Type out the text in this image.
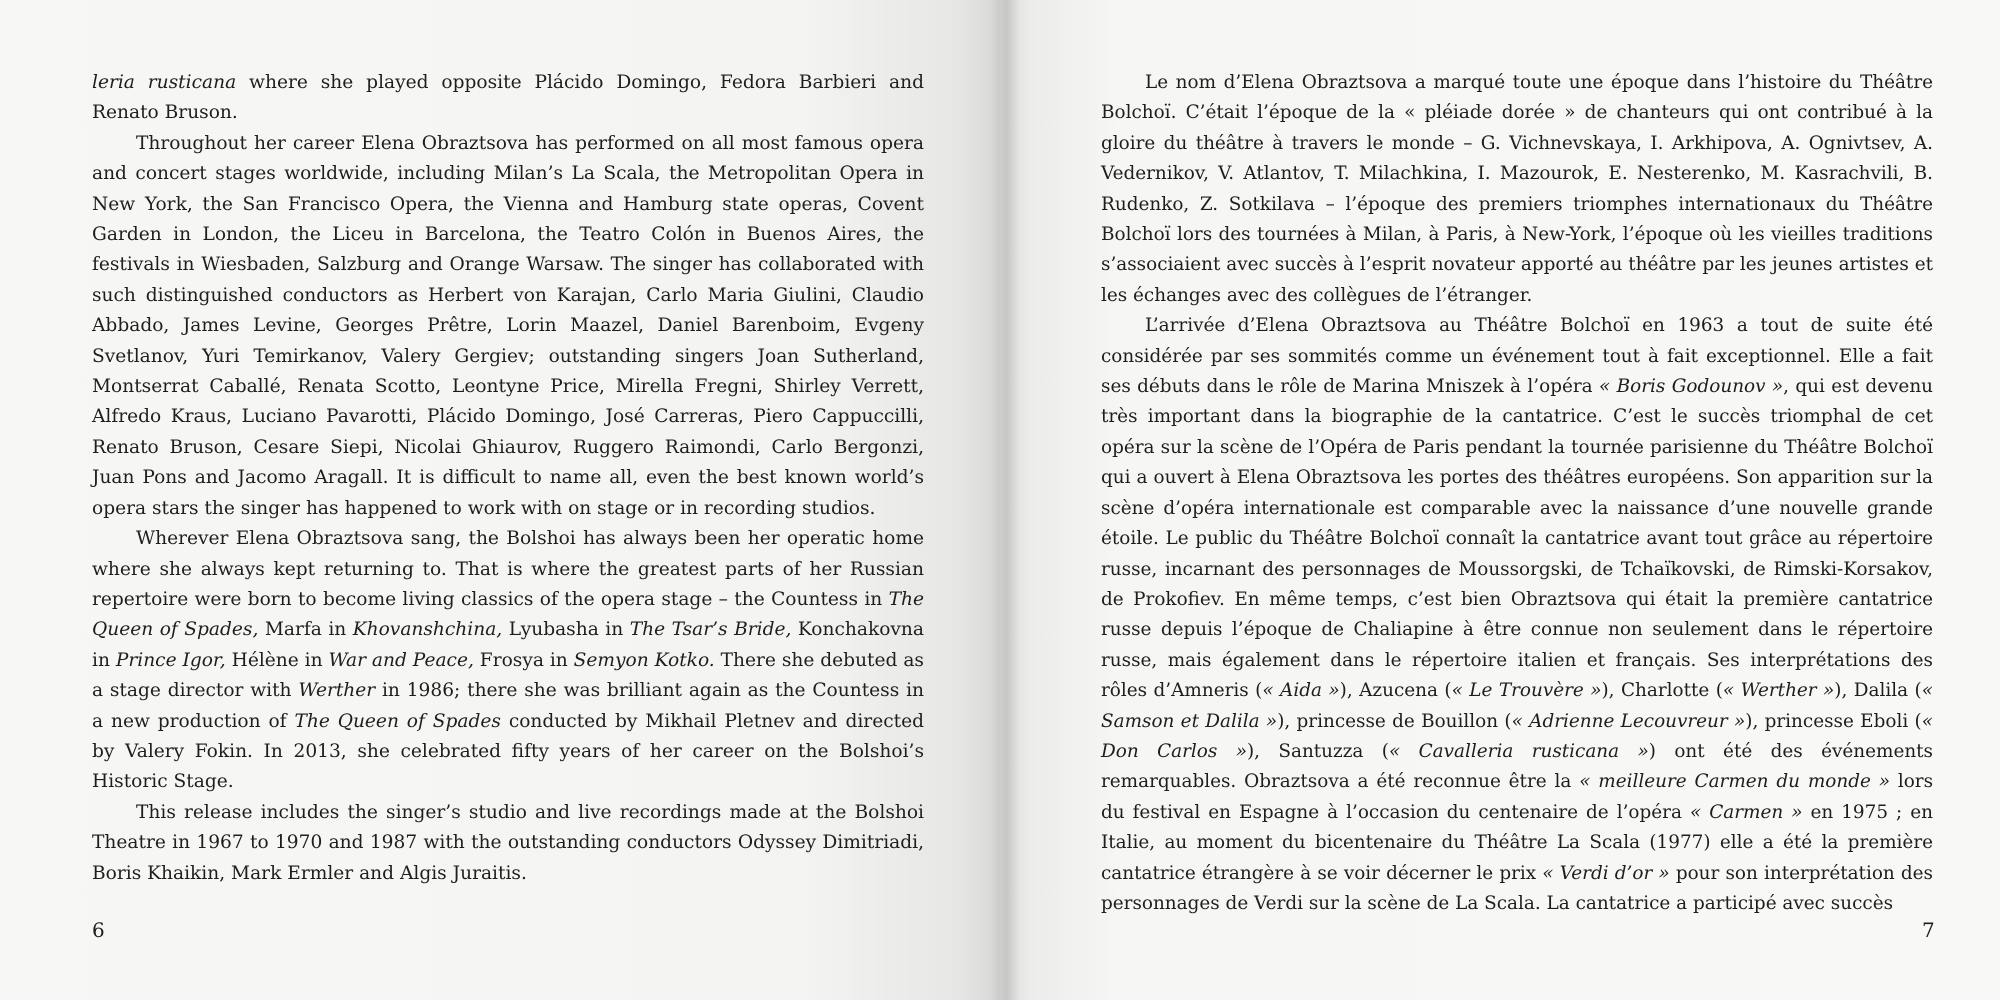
leria rusticana where she played opposite Plácido Domingo, Fedora Barbieri and Renato Bruson.

Throughout her career Elena Obraztsova has performed on all most famous opera and concert stages worldwide, including Milan’s La Scala, the Metropolitan Opera in New York, the San Francisco Opera, the Vienna and Hamburg state operas, Covent Garden in London, the Liceu in Barcelona, the Teatro Colón in Buenos Aires, the festivals in Wiesbaden, Salzburg and Orange Warsaw. The singer has collaborated with such distinguished conductors as Herbert von Karajan, Carlo Maria Giulini, Claudio Abbado, James Levine, Georges Prêtre, Lorin Maazel, Daniel Barenboim, Evgeny Svetlanov, Yuri Temirkanov, Valery Gergiev; outstanding singers Joan Sutherland, Montserrat Caballé, Renata Scotto, Leontyne Price, Mirella Fregni, Shirley Verrett, Alfredo Kraus, Luciano Pavarotti, Plácido Domingo, José Carreras, Piero Cappuccilli, Renato Bruson, Cesare Siepi, Nicolai Ghiaurov, Ruggero Raimondi, Carlo Bergonzi, Juan Pons and Jacomo Aragall. It is difficult to name all, even the best known world’s opera stars the singer has happened to work with on stage or in recording studios.

Wherever Elena Obraztsova sang, the Bolshoi has always been her operatic home where she always kept returning to. That is where the greatest parts of her Russian repertoire were born to become living classics of the opera stage – the Countess in The Queen of Spades, Marfa in Khovanshchina, Lyubasha in The Tsar’s Bride, Konchakovna in Prince Igor, Hélène in War and Peace, Frosya in Semyon Kotko. There she debuted as a stage director with Werther in 1986; there she was brilliant again as the Countess in a new production of The Queen of Spades conducted by Mikhail Pletnev and directed by Valery Fokin. In 2013, she celebrated fifty years of her career on the Bolshoi’s Historic Stage.

This release includes the singer’s studio and live recordings made at the Bolshoi Theatre in 1967 to 1970 and 1987 with the outstanding conductors Odyssey Dimitriadi, Boris Khaikin, Mark Ermler and Algis Juraitis.

6

Le nom d’Elena Obraztsova a marqué toute une époque dans l’histoire du Théâtre Bolchoï. C’était l’époque de la « pléiade dorée » de chanteurs qui ont contribué à la gloire du théâtre à travers le monde – G. Vichnevskaya, I. Arkhipova, A. Ognivtsev, A. Vedernikov, V. Atlantov, T. Milachkina, I. Mazourok, E. Nesterenko, M. Kasrachvili, B. Rudenko, Z. Sotkilava – l’époque des premiers triomphes internationaux du Théâtre Bolchoï lors des tournées à Milan, à Paris, à New-York, l’époque où les vieilles traditions s’associaient avec succès à l’esprit novateur apporté au théâtre par les jeunes artistes et les échanges avec des collègues de l’étranger.

L’arrivée d’Elena Obraztsova au Théâtre Bolchoï en 1963 a tout de suite été considérée par ses sommités comme un événement tout à fait exceptionnel. Elle a fait ses débuts dans le rôle de Marina Mniszek à l’opéra « Boris Godounov », qui est devenu très important dans la biographie de la cantatrice. C’est le succès triomphal de cet opéra sur la scène de l’Opéra de Paris pendant la tournée parisienne du Théâtre Bolchoï qui a ouvert à Elena Obraztsova les portes des théâtres européens. Son apparition sur la scène d’opéra internationale est comparable avec la naissance d’une nouvelle grande étoile. Le public du Théâtre Bolchoï connaît la cantatrice avant tout grâce au répertoire russe, incarnant des personnages de Moussorgski, de Tchaïkovski, de Rimski-Korsakov, de Prokofiev. En même temps, c’est bien Obraztsova qui était la première cantatrice russe depuis l’époque de Chaliapine à être connue non seulement dans le répertoire russe, mais également dans le répertoire italien et français. Ses interprétations des rôles d’Amneris (« Aida »), Azucena (« Le Trouvère »), Charlotte (« Werther »), Dalila (« Samson et Dalila »), princesse de Bouillon (« Adrienne Lecouvreur »), princesse Eboli (« Don Carlos »), Santuzza (« Cavalleria rusticana ») ont été des événements remarquables. Obraztsova a été reconnue être la « meilleure Carmen du monde » lors du festival en Espagne à l’occasion du centenaire de l’opéra « Carmen » en 1975 ; en Italie, au moment du bicentenaire du Théâtre La Scala (1977) elle a été la première cantatrice étrangère à se voir décerner le prix « Verdi d’or » pour son interprétation des personnages de Verdi sur la scène de La Scala. La cantatrice a participé avec succès

7
